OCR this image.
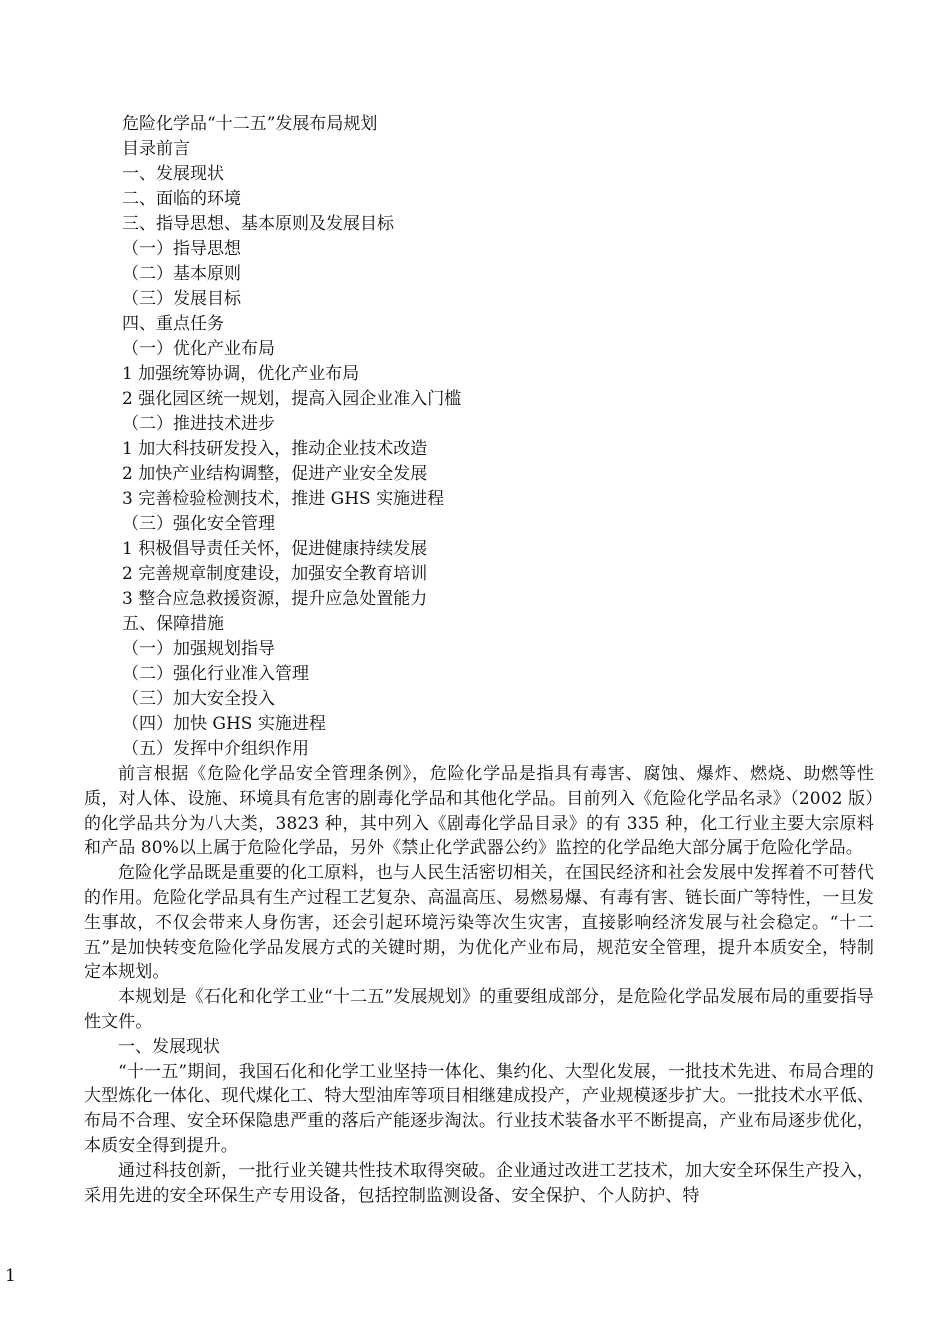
危险化学品“十二五”发展布局规划
目录前言
一、发展现状
二、面临的环境
三、指导思想、基本原则及发展目标
（一）指导思想
（二）基本原则
（三）发展目标
四、重点任务
（一）优化产业布局
1 加强统筹协调，优化产业布局
2 强化园区统一规划，提高入园企业准入门槛
（二）推进技术进步
1 加大科技研发投入，推动企业技术改造
2 加快产业结构调整，促进产业安全发展
3 完善检验检测技术，推进 GHS 实施进程
（三）强化安全管理
1 积极倡导责任关怀，促进健康持续发展
2 完善规章制度建设，加强安全教育培训
3 整合应急救援资源，提升应急处置能力
五、保障措施
（一）加强规划指导
（二）强化行业准入管理
（三）加大安全投入
（四）加快 GHS 实施进程
（五）发挥中介组织作用

前言根据《危险化学品安全管理条例》，危险化学品是指具有毒害、腐蚀、爆炸、燃烧、助燃等性质，对人体、设施、环境具有危害的剧毒化学品和其他化学品。目前列入《危险化学品名录》（2002 版）的化学品共分为八大类，3823 种，其中列入《剧毒化学品目录》的有 335 种，化工行业主要大宗原料和产品 80%以上属于危险化学品，另外《禁止化学武器公约》监控的化学品绝大部分属于危险化学品。

危险化学品既是重要的化工原料，也与人民生活密切相关，在国民经济和社会发展中发挥着不可替代的作用。危险化学品具有生产过程工艺复杂、高温高压、易燃易爆、有毒有害、链长面广等特性，一旦发生事故，不仅会带来人身伤害，还会引起环境污染等次生灾害，直接影响经济发展与社会稳定。“十二五”是加快转变危险化学品发展方式的关键时期，为优化产业布局，规范安全管理，提升本质安全，特制定本规划。

本规划是《石化和化学工业“十二五”发展规划》的重要组成部分，是危险化学品发展布局的重要指导性文件。

一、发展现状

“十一五”期间，我国石化和化学工业坚持一体化、集约化、大型化发展，一批技术先进、布局合理的大型炼化一体化、现代煤化工、特大型油库等项目相继建成投产，产业规模逐步扩大。一批技术水平低、布局不合理、安全环保隐患严重的落后产能逐步淘汰。行业技术装备水平不断提高，产业布局逐步优化，本质安全得到提升。

通过科技创新，一批行业关键共性技术取得突破。企业通过改进工艺技术，加大安全环保生产投入，采用先进的安全环保生产专用设备，包括控制监测设备、安全保护、个人防护、特

1
